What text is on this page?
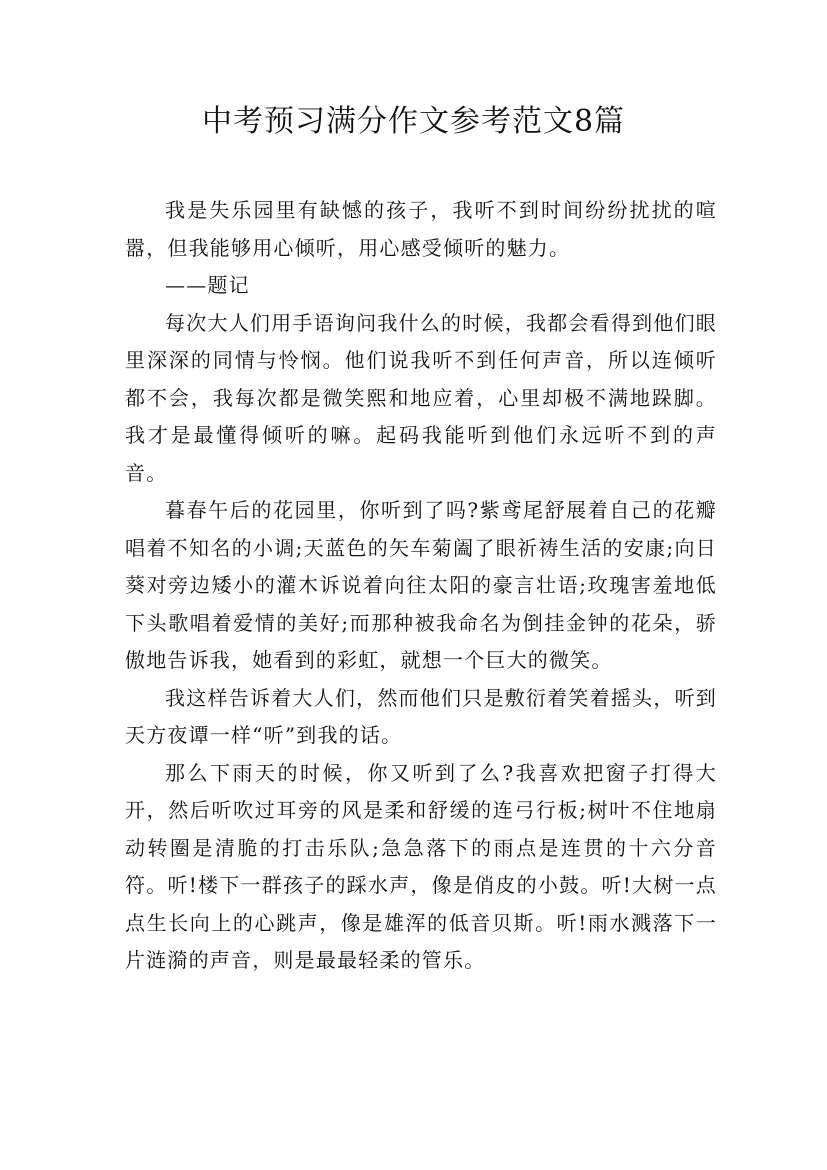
中考预习满分作文参考范文8篇

我是失乐园里有缺憾的孩子，我听不到时间纷纷扰扰的喧嚣，但我能够用心倾听，用心感受倾听的魅力。

——题记

每次大人们用手语询问我什么的时候，我都会看得到他们眼里深深的同情与怜悯。他们说我听不到任何声音，所以连倾听都不会，我每次都是微笑熙和地应着，心里却极不满地跺脚。我才是最懂得倾听的嘛。起码我能听到他们永远听不到的声音。

暮春午后的花园里，你听到了吗?紫鸢尾舒展着自己的花瓣唱着不知名的小调;天蓝色的矢车菊阖了眼祈祷生活的安康;向日葵对旁边矮小的灌木诉说着向往太阳的豪言壮语;玫瑰害羞地低下头歌唱着爱情的美好;而那种被我命名为倒挂金钟的花朵，骄傲地告诉我，她看到的彩虹，就想一个巨大的微笑。

我这样告诉着大人们，然而他们只是敷衍着笑着摇头，听到天方夜谭一样“听”到我的话。

那么下雨天的时候，你又听到了么?我喜欢把窗子打得大开，然后听吹过耳旁的风是柔和舒缓的连弓行板;树叶不住地扇动转圈是清脆的打击乐队;急急落下的雨点是连贯的十六分音符。听!楼下一群孩子的踩水声，像是俏皮的小鼓。听!大树一点点生长向上的心跳声，像是雄浑的低音贝斯。听!雨水溅落下一片涟漪的声音，则是最最轻柔的管乐。
